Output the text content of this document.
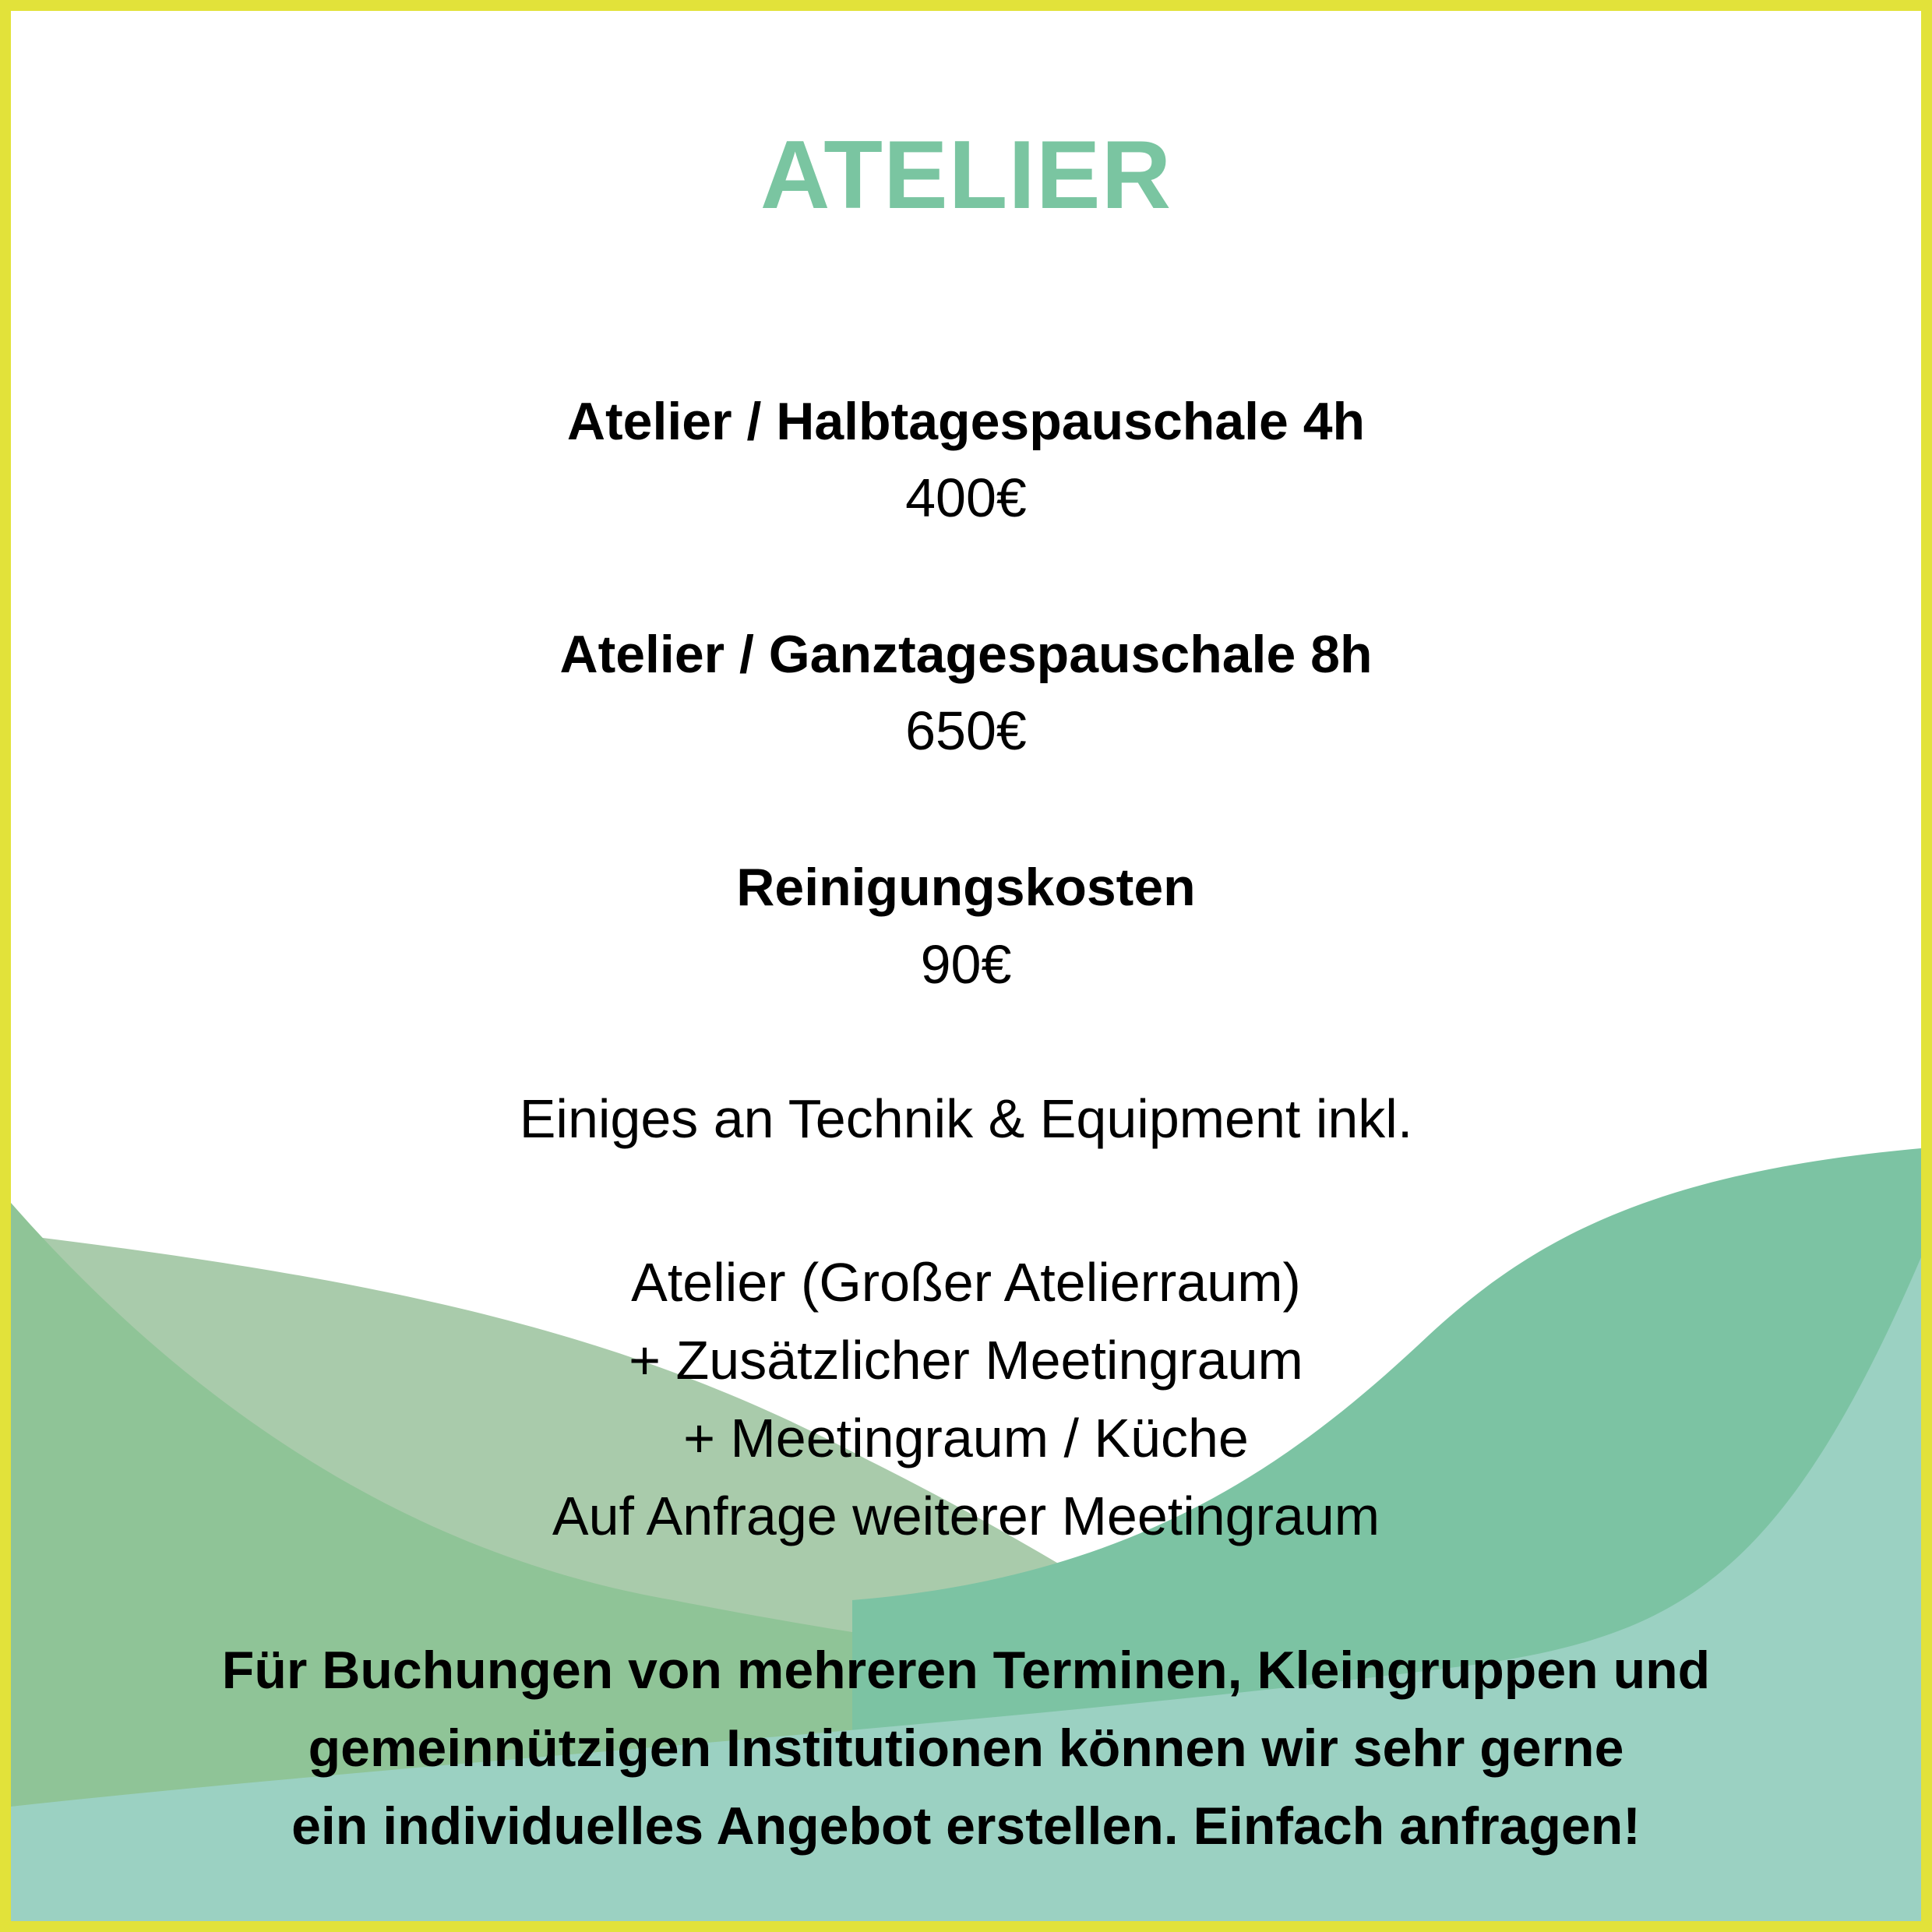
ATELIER
Atelier / Halbtagespauschale 4h
400€
Atelier / Ganztagespauschale 8h
650€
Reinigungskosten
90€
Einiges an Technik & Equipment inkl.
Atelier (Großer Atelierraum)
+ Zusätzlicher Meetingraum
+ Meetingraum / Küche
Auf Anfrage weiterer Meetingraum
Für Buchungen von mehreren Terminen, Kleingruppen und
gemeinnützigen Institutionen können wir sehr gerne
ein individuelles Angebot erstellen. Einfach anfragen!
